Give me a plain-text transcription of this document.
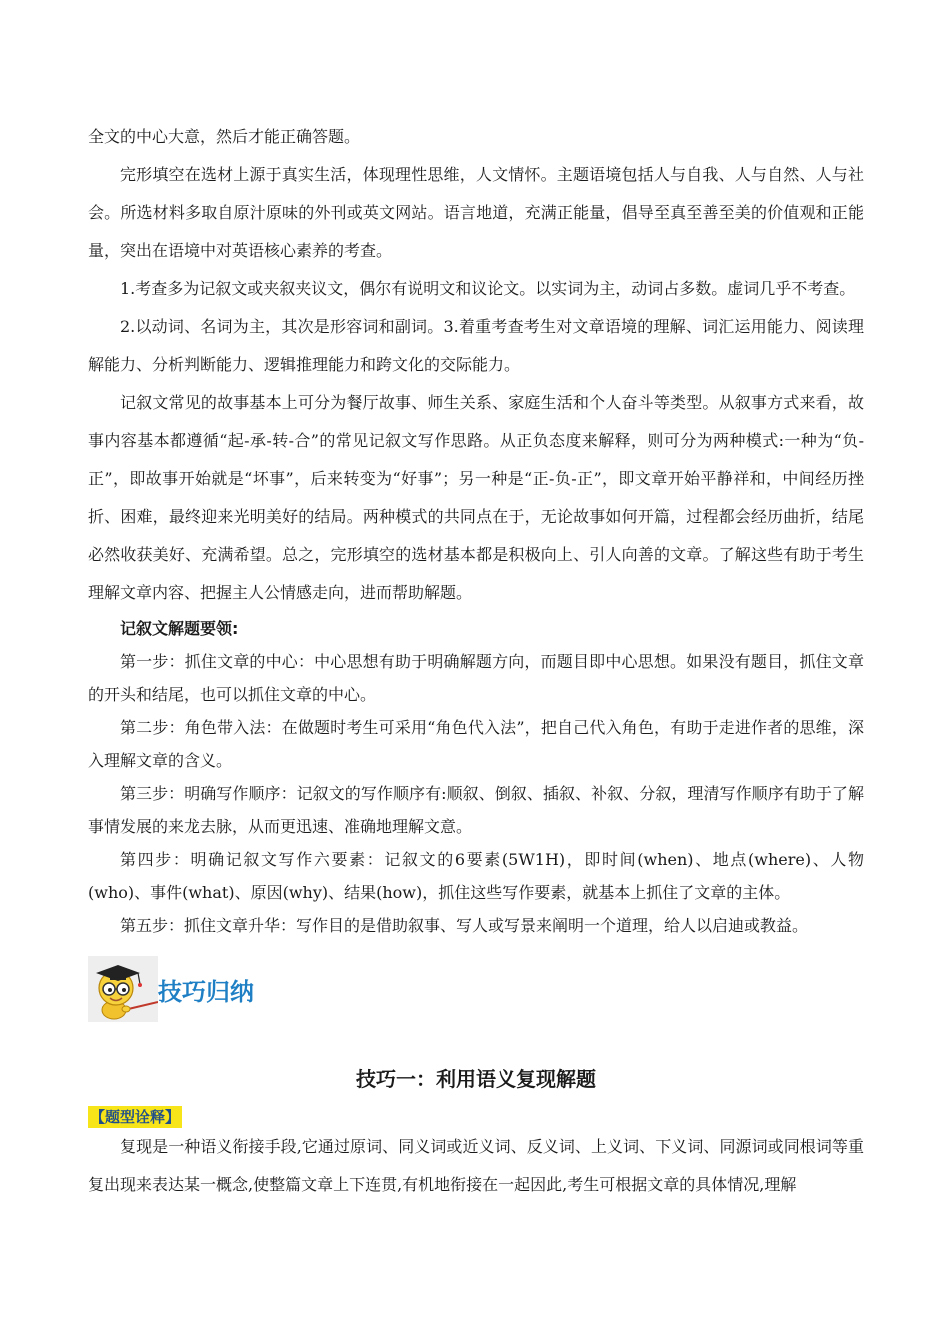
全文的中心大意，然后才能正确答题。

完形填空在选材上源于真实生活，体现理性思维，人文情怀。主题语境包括人与自我、人与自然、人与社会。所选材料多取自原汁原味的外刊或英文网站。语言地道，充满正能量，倡导至真至善至美的价值观和正能量，突出在语境中对英语核心素养的考查。

1.考查多为记叙文或夹叙夹议文，偶尔有说明文和议论文。以实词为主，动词占多数。虚词几乎不考查。

2.以动词、名词为主，其次是形容词和副词。3.着重考查考生对文章语境的理解、词汇运用能力、阅读理解能力、分析判断能力、逻辑推理能力和跨文化的交际能力。

记叙文常见的故事基本上可分为餐厅故事、师生关系、家庭生活和个人奋斗等类型。从叙事方式来看，故事内容基本都遵循“起-承-转-合”的常见记叙文写作思路。从正负态度来解释，则可分为两种模式:一种为“负-正”，即故事开始就是“坏事”，后来转变为“好事”；另一种是“正-负-正”，即文章开始平静祥和，中间经历挫折、困难，最终迎来光明美好的结局。两种模式的共同点在于，无论故事如何开篇，过程都会经历曲折，结尾必然收获美好、充满希望。总之，完形填空的选材基本都是积极向上、引人向善的文章。了解这些有助于考生理解文章内容、把握主人公情感走向，进而帮助解题。

记叙文解题要领:

第一步：抓住文章的中心：中心思想有助于明确解题方向，而题目即中心思想。如果没有题目，抓住文章的开头和结尾，也可以抓住文章的中心。

第二步：角色带入法：在做题时考生可采用“角色代入法”，把自己代入角色，有助于走进作者的思维，深入理解文章的含义。

第三步：明确写作顺序：记叙文的写作顺序有:顺叙、倒叙、插叙、补叙、分叙，理清写作顺序有助于了解事情发展的来龙去脉，从而更迅速、准确地理解文意。

第四步：明确记叙文写作六要素：记叙文的6要素(5W1H)，即时间(when)、地点(where)、人物(who)、事件(what)、原因(why)、结果(how)，抓住这些写作要素，就基本上抓住了文章的主体。

第五步：抓住文章升华：写作目的是借助叙事、写人或写景来阐明一个道理，给人以启迪或教益。

技巧归纳
技巧一：利用语义复现解题
【题型诠释】

复现是一种语义衔接手段,它通过原词、同义词或近义词、反义词、上义词、下义词、同源词或同根词等重复出现来表达某一概念,使整篇文章上下连贯,有机地衔接在一起因此,考生可根据文章的具体情况,理解
